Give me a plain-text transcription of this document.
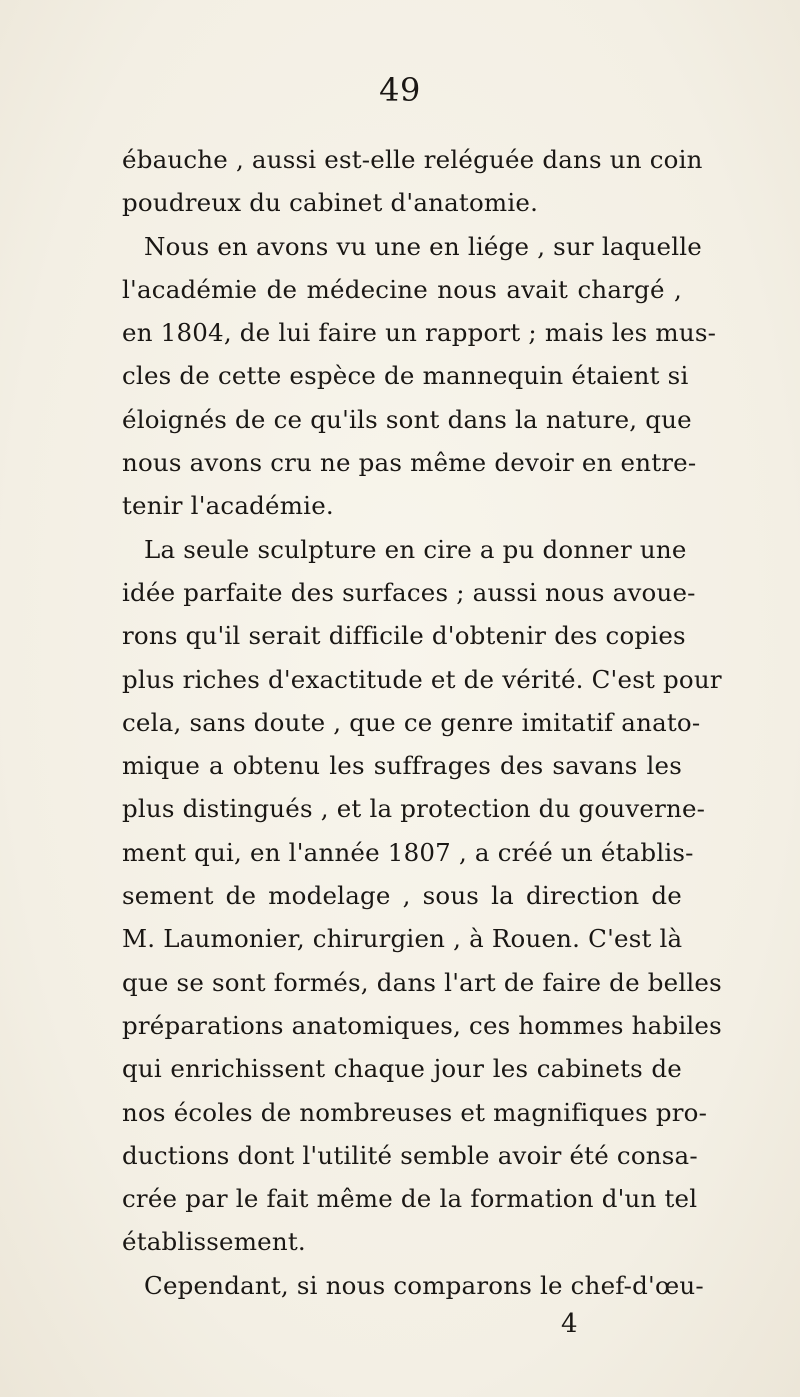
49
ébauche , aussi est-elle reléguée dans un coin
poudreux du cabinet d'anatomie.
Nous en avons vu une en liége , sur laquelle
l'académie de médecine nous avait chargé ,
en 1804, de lui faire un rapport ; mais les mus-
cles de cette espèce de mannequin étaient si
éloignés de ce qu'ils sont dans la nature, que
nous avons cru ne pas même devoir en entre-
tenir l'académie.
La seule sculpture en cire a pu donner une
idée parfaite des surfaces ; aussi nous avoue-
rons qu'il serait difficile d'obtenir des copies
plus riches d'exactitude et de vérité. C'est pour
cela, sans doute , que ce genre imitatif anato-
mique a obtenu les suffrages des savans les
plus distingués , et la protection du gouverne-
ment qui, en l'année 1807 , a créé un établis-
sement de modelage , sous la direction de
M. Laumonier, chirurgien , à Rouen. C'est là
que se sont formés, dans l'art de faire de belles
préparations anatomiques, ces hommes habiles
qui enrichissent chaque jour les cabinets de
nos écoles de nombreuses et magnifiques pro-
ductions dont l'utilité semble avoir été consa-
crée par le fait même de la formation d'un tel
établissement.
Cependant, si nous comparons le chef-d'œu-
4
